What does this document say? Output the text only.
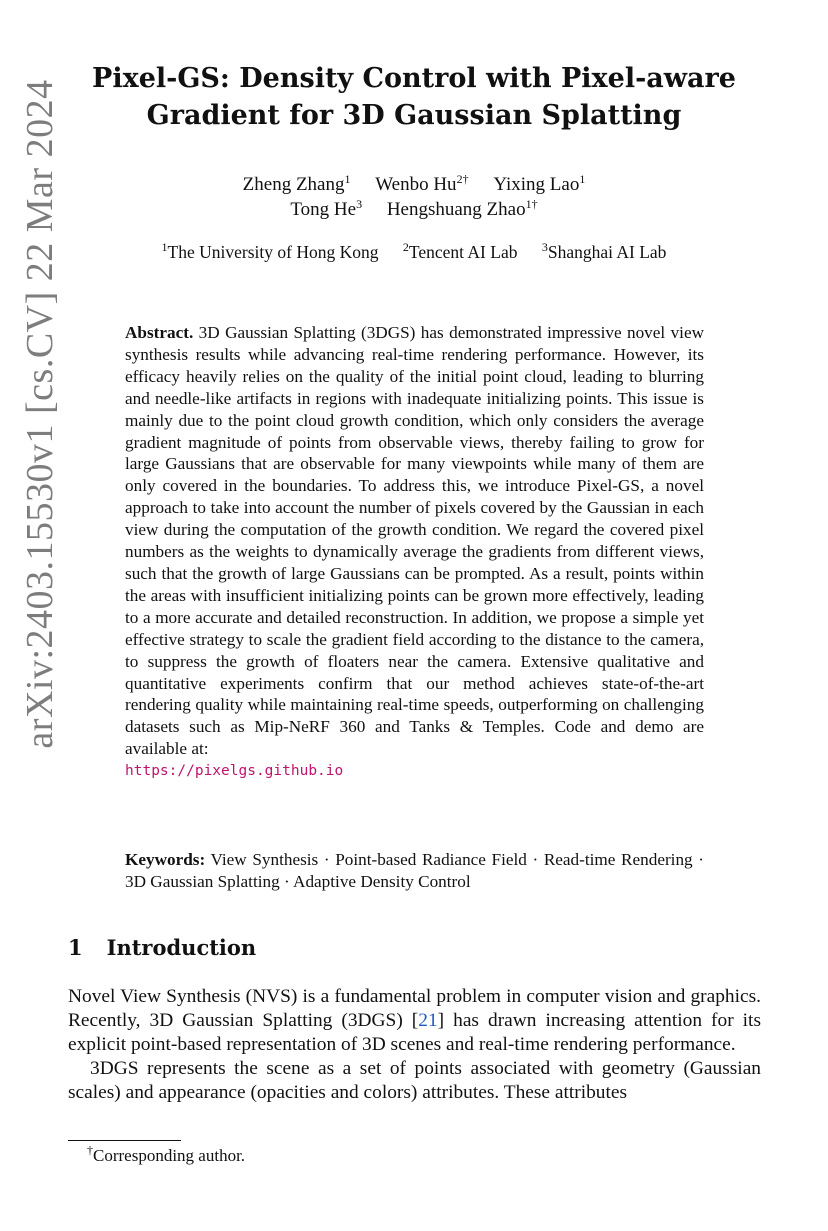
arXiv:2403.15530v1 [cs.CV] 22 Mar 2024
Pixel-GS: Density Control with Pixel-aware
Gradient for 3D Gaussian Splatting
Zheng Zhang$^1$ Wenbo $Hu^{2\dagger}$ Yixing Lao$^1$
Tong He$^3$ Hengshuang Zhao$^{1\dagger}$
$^1$The University of Hong Kong $^2$Tencent AI Lab $^3$Shanghai AI Lab

Abstract. 3D Gaussian Splatting (3DGS) has demonstrated impressive novel view synthesis results while advancing real-time rendering performance. However, its efficacy heavily relies on the quality of the initial point cloud, leading to blurring and needle-like artifacts in regions with inadequate initializing points. This issue is mainly due to the point cloud growth condition, which only considers the average gradient magnitude of points from observable views, thereby failing to grow for large Gaussians that are observable for many viewpoints while many of them are only covered in the boundaries. To address this, we introduce Pixel-GS, a novel approach to take into account the number of pixels covered by the Gaussian in each view during the computation of the growth condition. We regard the covered pixel numbers as the weights to dynamically average the gradients from different views, such that the growth of large Gaussians can be prompted. As a result, points within the areas with insufficient initializing points can be grown more effectively, leading to a more accurate and detailed reconstruction. In addition, we propose a simple yet effective strategy to scale the gradient field according to the distance to the camera, to suppress the growth of floaters near the camera. Extensive qualitative and quantitative experiments confirm that our method achieves state-of-the-art rendering quality while maintaining real-time speeds, outperforming on challenging datasets such as Mip-NeRF 360 and Tanks & Temples. Code and demo are available at:
https://pixelgs.github.io

Keywords: View Synthesis · Point-based Radiance Field · Read-time Rendering · 3D Gaussian Splatting · Adaptive Density Control

1 Introduction

Novel View Synthesis (NVS) is a fundamental problem in computer vision and graphics. Recently, 3D Gaussian Splatting (3DGS) [21] has drawn increasing attention for its explicit point-based representation of 3D scenes and real-time rendering performance.

3DGS represents the scene as a set of points associated with geometry (Gaussian scales) and appearance (opacities and colors) attributes. These attributes

†Corresponding author.
